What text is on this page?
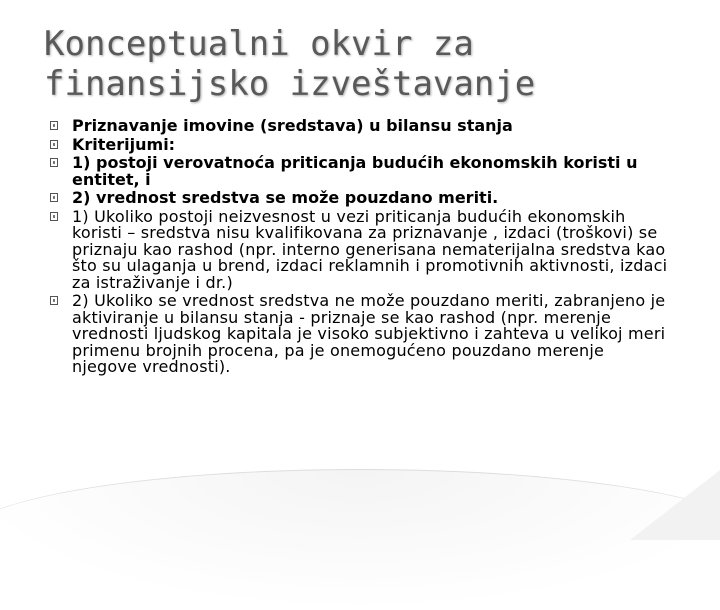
Konceptualni okvir za finansijsko izveštavanje
Priznavanje imovine (sredstava) u bilansu stanja
Kriterijumi:
1) postoji verovatnoća priticanja budućih ekonomskih koristi u entitet, i
2) vrednost sredstva se može pouzdano meriti.
1) Ukoliko postoji neizvesnost u vezi priticanja budućih ekonomskih koristi – sredstva nisu kvalifikovana za priznavanje , izdaci (troškovi) se priznaju kao rashod (npr. interno generisana nematerijalna sredstva kao što su ulaganja u brend, izdaci reklamnih i promotivnih aktivnosti, izdaci za istraživanje i dr.)
2) Ukoliko se vrednost sredstva ne može pouzdano meriti, zabranjeno je aktiviranje u bilansu stanja - priznaje se kao rashod (npr. merenje vrednosti ljudskog kapitala je visoko subjektivno i zahteva u velikoj meri primenu brojnih procena, pa je onemogućeno pouzdano merenje njegove vrednosti).
